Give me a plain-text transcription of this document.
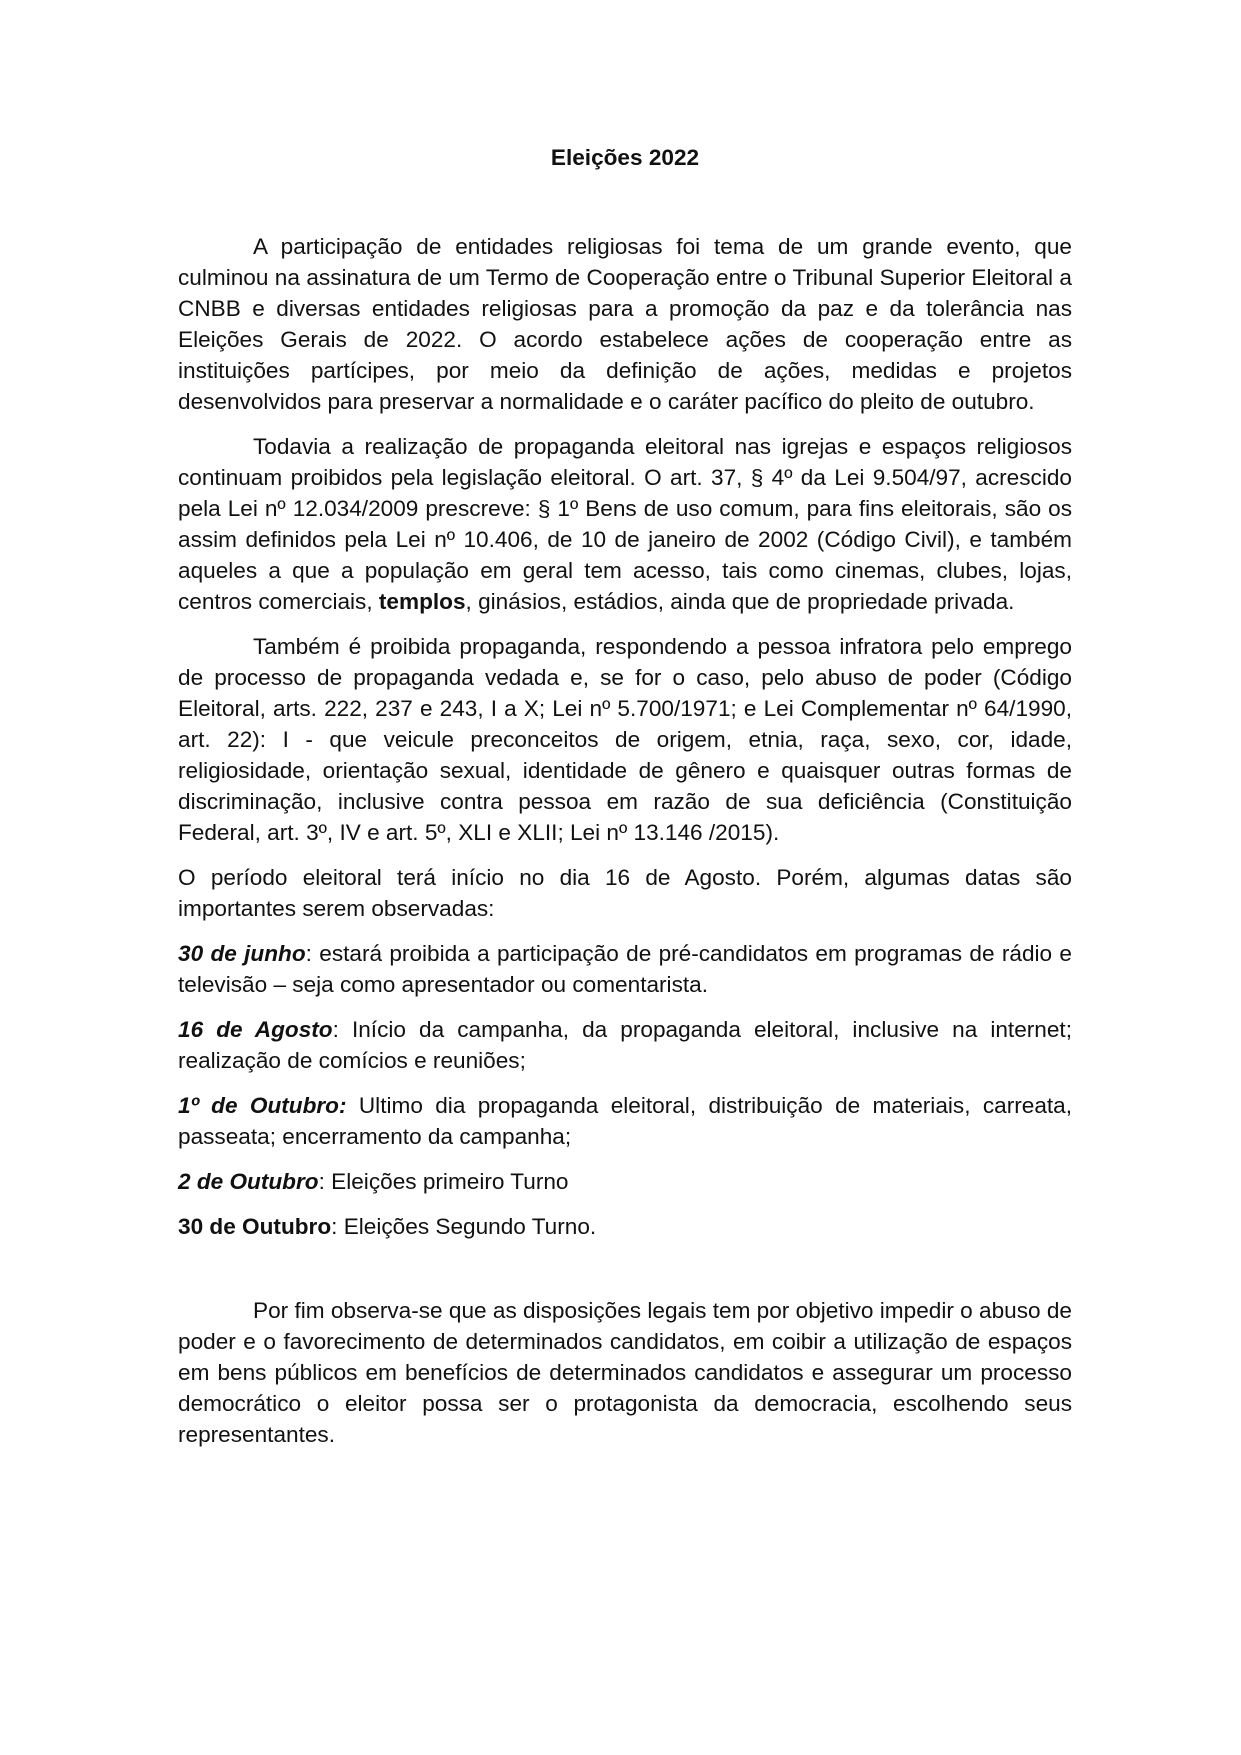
Eleições 2022

A participação de entidades religiosas foi tema de um grande evento, que culminou na assinatura de um Termo de Cooperação entre o Tribunal Superior Eleitoral a CNBB e diversas entidades religiosas para a promoção da paz e da tolerância nas Eleições Gerais de 2022. O acordo estabelece ações de cooperação entre as instituições partícipes, por meio da definição de ações, medidas e projetos desenvolvidos para preservar a normalidade e o caráter pacífico do pleito de outubro.

Todavia a realização de propaganda eleitoral nas igrejas e espaços religiosos continuam proibidos pela legislação eleitoral. O art. 37, § 4º da Lei 9.504/97, acrescido pela Lei nº 12.034/2009 prescreve: § 1º Bens de uso comum, para fins eleitorais, são os assim definidos pela Lei nº 10.406, de 10 de janeiro de 2002 (Código Civil), e também aqueles a que a população em geral tem acesso, tais como cinemas, clubes, lojas, centros comerciais, templos, ginásios, estádios, ainda que de propriedade privada.

Também é proibida propaganda, respondendo a pessoa infratora pelo emprego de processo de propaganda vedada e, se for o caso, pelo abuso de poder (Código Eleitoral, arts. 222, 237 e 243, I a X; Lei nº 5.700/1971; e Lei Complementar nº 64/1990, art. 22): I - que veicule preconceitos de origem, etnia, raça, sexo, cor, idade, religiosidade, orientação sexual, identidade de gênero e quaisquer outras formas de discriminação, inclusive contra pessoa em razão de sua deficiência (Constituição Federal, art. 3º, IV e art. 5º, XLI e XLII; Lei nº 13.146 /2015).

O período eleitoral terá início no dia 16 de Agosto. Porém, algumas datas são importantes serem observadas:

30 de junho: estará proibida a participação de pré-candidatos em programas de rádio e televisão – seja como apresentador ou comentarista.

16 de Agosto: Início da campanha, da propaganda eleitoral, inclusive na internet; realização de comícios e reuniões;

1º de Outubro: Ultimo dia propaganda eleitoral, distribuição de materiais, carreata, passeata; encerramento da campanha;

2 de Outubro: Eleições primeiro Turno

30 de Outubro: Eleições Segundo Turno.

Por fim observa-se que as disposições legais tem por objetivo impedir o abuso de poder e o favorecimento de determinados candidatos, em coibir a utilização de espaços em bens públicos em benefícios de determinados candidatos e assegurar um processo democrático o eleitor possa ser o protagonista da democracia, escolhendo seus representantes.
